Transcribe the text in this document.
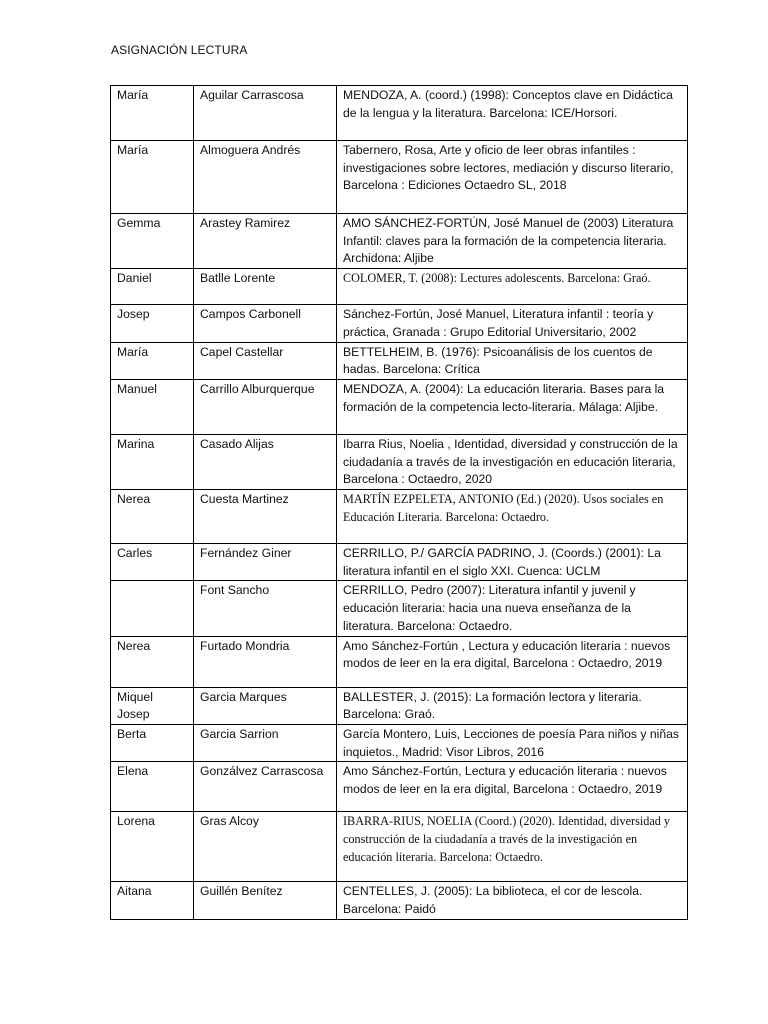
ASIGNACIÓN LECTURA
María	Aguilar Carrascosa	MENDOZA, A. (coord.) (1998): Conceptos clave en Didáctica de la lengua y la literatura. Barcelona: ICE/Horsori.
María	Almoguera Andrés	Tabernero, Rosa, Arte y oficio de leer obras infantiles : investigaciones sobre lectores, mediación y discurso literario, Barcelona : Ediciones Octaedro SL, 2018
Gemma	Arastey Ramirez	AMO SÁNCHEZ-FORTÚN, José Manuel de (2003) Literatura Infantil: claves para la formación de la competencia literaria. Archidona: Aljibe
Daniel	Batlle Lorente	COLOMER, T. (2008): Lectures adolescents. Barcelona: Graó.
Josep	Campos Carbonell	Sánchez-Fortún, José Manuel, Literatura infantil : teoría y práctica, Granada : Grupo Editorial Universitario, 2002
María	Capel Castellar	BETTELHEIM, B. (1976): Psicoanálisis de los cuentos de hadas. Barcelona: Crítica
Manuel	Carrillo Alburquerque	MENDOZA, A. (2004): La educación literaria. Bases para la formación de la competencia lecto-literaria. Málaga: Aljibe.
Marina	Casado Alijas	Ibarra Rius, Noelia , Identidad, diversidad y construcción de la ciudadanía a través de la investigación en educación literaria, Barcelona : Octaedro, 2020
Nerea	Cuesta Martinez	MARTÍN EZPELETA, ANTONIO (Ed.) (2020). Usos sociales en Educación Literaria. Barcelona: Octaedro.
Carles	Fernández Giner	CERRILLO, P./ GARCÍA PADRINO, J. (Coords.) (2001): La literatura infantil en el siglo XXI. Cuenca: UCLM
	Font Sancho	CERRILLO, Pedro (2007): Literatura infantil y juvenil y educación literaria: hacia una nueva enseñanza de la literatura. Barcelona: Octaedro.
Nerea	Furtado Mondria	Amo Sánchez-Fortún , Lectura y educación literaria : nuevos modos de leer en la era digital, Barcelona : Octaedro, 2019
Miquel Josep	Garcia Marques	BALLESTER, J. (2015): La formación lectora y literaria. Barcelona: Graó.
Berta	Garcia Sarrion	García Montero, Luis, Lecciones de poesía Para niños y niñas inquietos., Madrid: Visor Libros, 2016
Elena	Gonzálvez Carrascosa	Amo Sánchez-Fortún, Lectura y educación literaria : nuevos modos de leer en la era digital, Barcelona : Octaedro, 2019
Lorena	Gras Alcoy	IBARRA-RIUS, NOELIA (Coord.) (2020). Identidad, diversidad y construcción de la ciudadanía a través de la investigación en educación literaria. Barcelona: Octaedro.
Aitana	Guillén Benítez	CENTELLES, J. (2005): La biblioteca, el cor de lescola. Barcelona: Paidó
